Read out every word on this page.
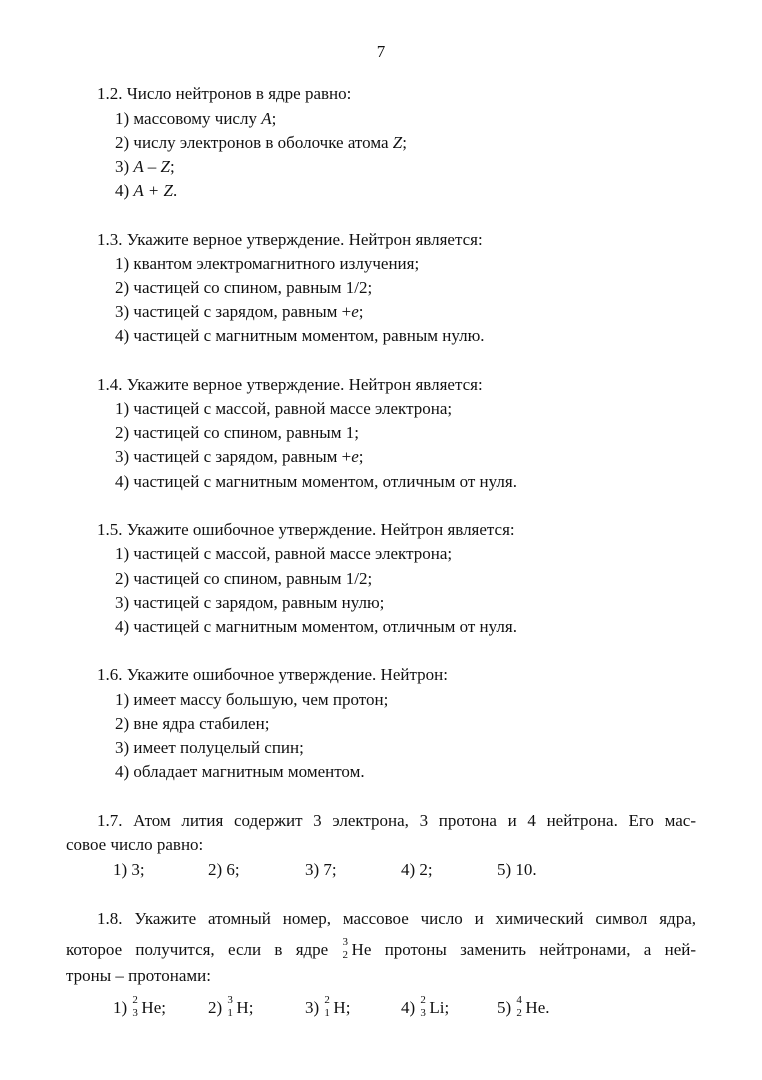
7
1.2. Число нейтронов в ядре равно:
1) массовому числу A;
2) числу электронов в оболочке атома Z;
3) A – Z;
4) A + Z.
1.3. Укажите верное утверждение. Нейтрон является:
1) квантом электромагнитного излучения;
2) частицей со спином, равным 1/2;
3) частицей с зарядом, равным +e;
4) частицей с магнитным моментом, равным нулю.
1.4. Укажите верное утверждение. Нейтрон является:
1) частицей с массой, равной массе электрона;
2) частицей со спином, равным 1;
3) частицей с зарядом, равным +e;
4) частицей с магнитным моментом, отличным от нуля.
1.5. Укажите ошибочное утверждение. Нейтрон является:
1) частицей с массой, равной массе электрона;
2) частицей со спином, равным 1/2;
3) частицей с зарядом, равным нулю;
4) частицей с магнитным моментом, отличным от нуля.
1.6. Укажите ошибочное утверждение. Нейтрон:
1) имеет массу большую, чем протон;
2) вне ядра стабилен;
3) имеет полуцелый спин;
4) обладает магнитным моментом.
1.7. Атом лития содержит 3 электрона, 3 протона и 4 нейтрона. Его мас-
совое число равно:
1) 3;	2) 6;	3) 7;	4) 2;	5) 10.
1.8. Укажите атомный номер, массовое число и химический символ ядра,
которое получится, если в ядре 3
2 He протоны заменить нейтронами, а ней-
троны – протонами:
1) 2
3 He; 2) 3
1 H;	3) 2
1 H;	4) 2
3 Li;	5) 4
2 He.
